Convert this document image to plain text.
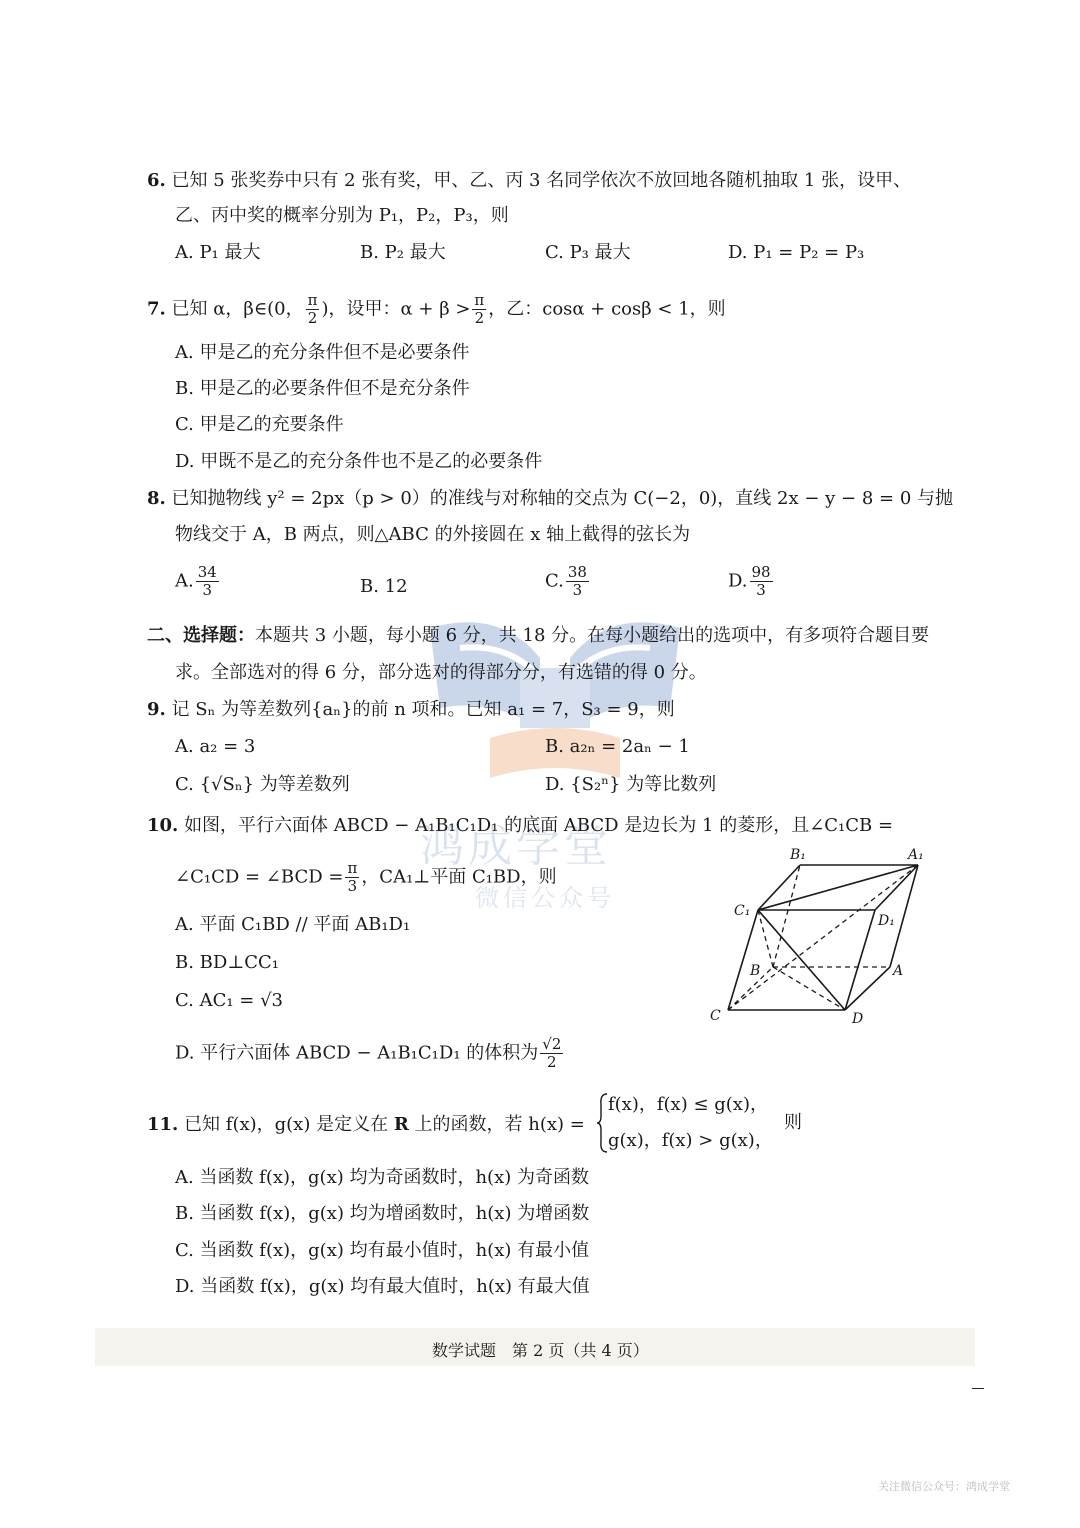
鸿成学堂
微信公众号
6. 已知 5 张奖券中只有 2 张有奖，甲、乙、丙 3 名同学依次不放回地各随机抽取 1 张，设甲、
乙、丙中奖的概率分别为 P₁，P₂，P₃，则
A. P₁ 最大	B. P₂ 最大	C. P₃ 最大	D. P₁ = P₂ = P₃
7. 已知 α，β∈(0， $\frac{\pi}{2}$ )，设甲：$\alpha + \beta > \frac{\pi}{2}$ ，乙：cosα + cosβ < 1，则
A. 甲是乙的充分条件但不是必要条件
B. 甲是乙的必要条件但不是充分条件
C. 甲是乙的充要条件
D. 甲既不是乙的充分条件也不是乙的必要条件
8. 已知抛物线 y² = 2px（p > 0）的准线与对称轴的交点为 C(−2，0)，直线 2x − y − 8 = 0 与抛
物线交于 A，B 两点，则△ABC 的外接圆在 x 轴上截得的弦长为
A. $\frac{34}{3}$	B. 12	C. $\frac{38}{3}$	D. $\frac{98}{3}$
二、选择题：本题共 3 小题，每小题 6 分，共 18 分。在每小题给出的选项中，有多项符合题目要
求。全部选对的得 6 分，部分选对的得部分分，有选错的得 0 分。
9. 记 Sₙ 为等差数列{aₙ}的前 n 项和。已知 a₁ = 7，S₃ = 9，则
A. a₂ = 3	B. a₂ₙ = 2aₙ − 1
C. {√Sₙ} 为等差数列	D. {S₂ⁿ} 为等比数列
10. 如图，平行六面体 ABCD − A₁B₁C₁D₁ 的底面 ABCD 是边长为 1 的菱形，且∠C₁CB =
∠C₁CD = ∠BCD = $\frac{\pi}{3}$ ，CA₁⊥平面 C₁BD，则
A. 平面 C₁BD // 平面 AB₁D₁
B. BD⊥CC₁
C. AC₁ = √3
D. 平行六面体 ABCD − A₁B₁C₁D₁ 的体积为 $\frac{√2}{2}$
B₁	A₁
C₁
D₁
B	A
C	D
11. 已知 f(x)，g(x) 是定义在 R 上的函数，若 h(x) =
f(x)，f(x) ≤ g(x)，
g(x)，f(x) > g(x)，
则
A. 当函数 f(x)，g(x) 均为奇函数时，h(x) 为奇函数
B. 当函数 f(x)，g(x) 均为增函数时，h(x) 为增函数
C. 当函数 f(x)，g(x) 均有最小值时，h(x) 有最小值
D. 当函数 f(x)，g(x) 均有最大值时，h(x) 有最大值
数学试题　第 2 页（共 4 页）
关注微信公众号：鸿成学堂
